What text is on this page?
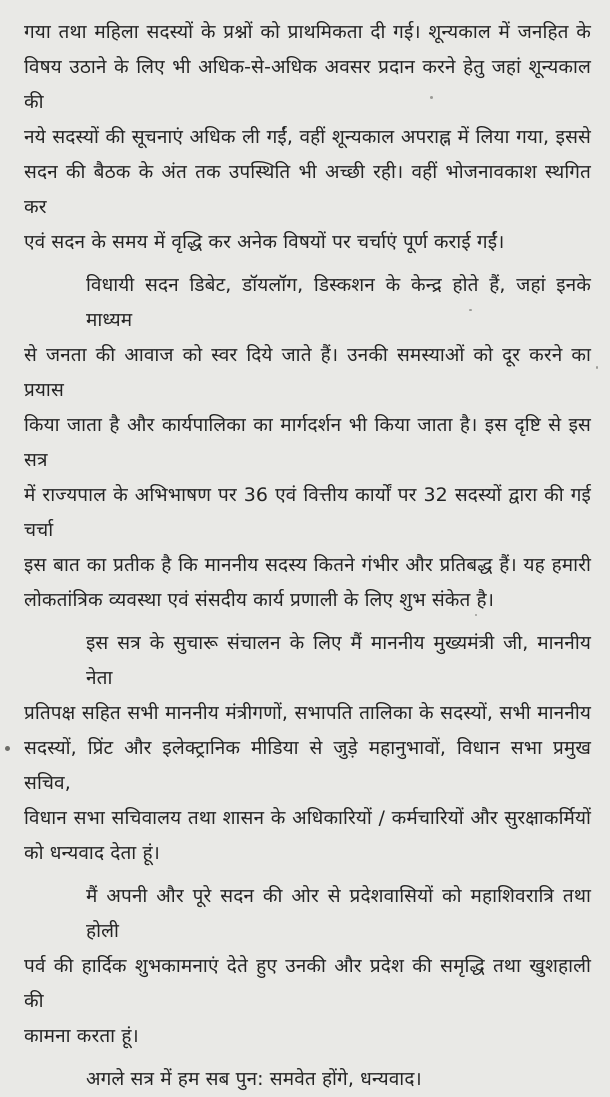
गया तथा महिला सदस्यों के प्रश्नों को प्राथमिकता दी गई। शून्यकाल में जनहित के
विषय उठाने के लिए भी अधिक-से-अधिक अवसर प्रदान करने हेतु जहां शून्यकाल की
नये सदस्यों की सूचनाएं अधिक ली गईं, वहीं शून्यकाल अपराह्न में लिया गया, इससे
सदन की बैठक के अंत तक उपस्थिति भी अच्छी रही। वहीं भोजनावकाश स्थगित कर
एवं सदन के समय में वृद्धि कर अनेक विषयों पर चर्चाएं पूर्ण कराई गईं।
विधायी सदन डिबेट, डॉयलॉग, डिस्कशन के केन्द्र होते हैं, जहां इनके माध्यम
से जनता की आवाज को स्वर दिये जाते हैं। उनकी समस्याओं को दूर करने का प्रयास
किया जाता है और कार्यपालिका का मार्गदर्शन भी किया जाता है। इस दृष्टि से इस सत्र
में राज्यपाल के अभिभाषण पर 36 एवं वित्तीय कार्यों पर 32 सदस्यों द्वारा की गई चर्चा
इस बात का प्रतीक है कि माननीय सदस्य कितने गंभीर और प्रतिबद्ध हैं। यह हमारी
लोकतांत्रिक व्यवस्था एवं संसदीय कार्य प्रणाली के लिए शुभ संकेत है।
इस सत्र के सुचारू संचालन के लिए मैं माननीय मुख्यमंत्री जी, माननीय नेता
प्रतिपक्ष सहित सभी माननीय मंत्रीगणों, सभापति तालिका के सदस्यों, सभी माननीय
सदस्यों, प्रिंट और इलेक्ट्रानिक मीडिया से जुड़े महानुभावों, विधान सभा प्रमुख सचिव,
विधान सभा सचिवालय तथा शासन के अधिकारियों / कर्मचारियों और सुरक्षाकर्मियों
को धन्यवाद देता हूं।
मैं अपनी और पूरे सदन की ओर से प्रदेशवासियों को महाशिवरात्रि तथा होली
पर्व की हार्दिक शुभकामनाएं देते हुए उनकी और प्रदेश की समृद्धि तथा खुशहाली की
कामना करता हूं।
अगले सत्र में हम सब पुन: समवेत होंगे, धन्यवाद।
